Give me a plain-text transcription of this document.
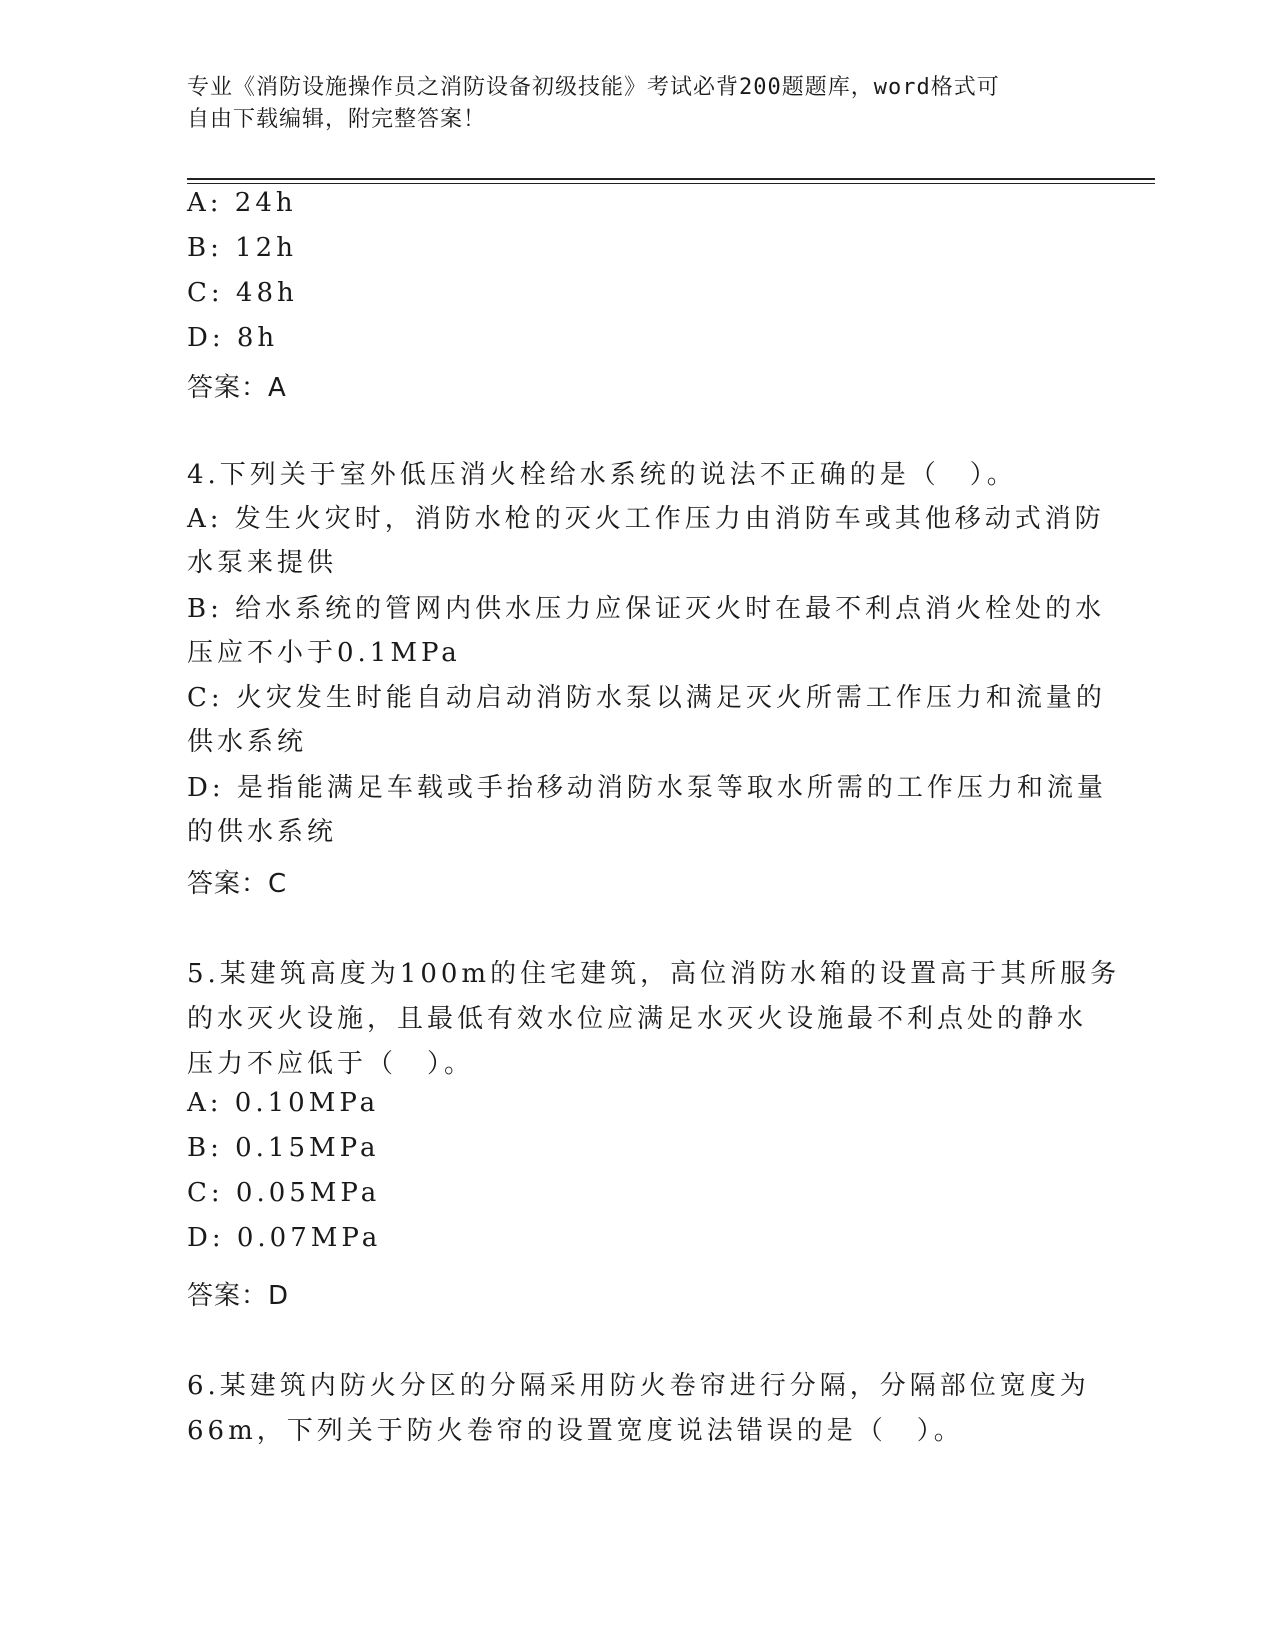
专业《消防设施操作员之消防设备初级技能》考试必背200题题库，word格式可
自由下载编辑，附完整答案！
A: 24h
B: 12h
C: 48h
D: 8h
答案：A
4.下列关于室外低压消火栓给水系统的说法不正确的是（　）。
A: 发生火灾时，消防水枪的灭火工作压力由消防车或其他移动式消防
水泵来提供
B: 给水系统的管网内供水压力应保证灭火时在最不利点消火栓处的水
压应不小于0.1MPa
C: 火灾发生时能自动启动消防水泵以满足灭火所需工作压力和流量的
供水系统
D: 是指能满足车载或手抬移动消防水泵等取水所需的工作压力和流量
的供水系统
答案：C
5.某建筑高度为100m的住宅建筑，高位消防水箱的设置高于其所服务
的水灭火设施，且最低有效水位应满足水灭火设施最不利点处的静水
压力不应低于（　）。
A: 0.10MPa
B: 0.15MPa
C: 0.05MPa
D: 0.07MPa
答案：D
6.某建筑内防火分区的分隔采用防火卷帘进行分隔，分隔部位宽度为
66m，下列关于防火卷帘的设置宽度说法错误的是（　）。
